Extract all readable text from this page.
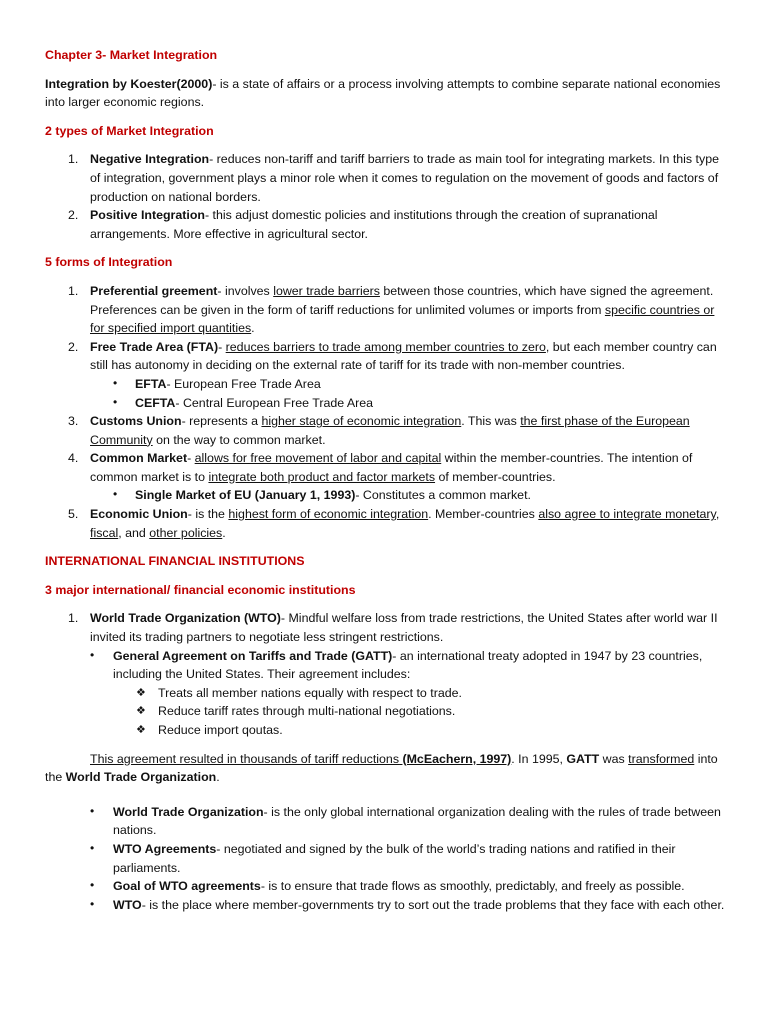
Chapter 3- Market Integration

Integration by Koester(2000)- is a state of affairs or a process involving attempts to combine separate national economies into larger economic regions.

2 types of Market Integration

1. Negative Integration- reduces non-tariff and tariff barriers to trade as main tool for integrating markets. In this type of integration, government plays a minor role when it comes to regulation on the movement of goods and factors of production on national borders.
2. Positive Integration- this adjust domestic policies and institutions through the creation of supranational arrangements. More effective in agricultural sector.

5 forms of Integration

1. Preferential greement- involves lower trade barriers between those countries, which have signed the agreement. Preferences can be given in the form of tariff reductions for unlimited volumes or imports from specific countries or for specified import quantities.
2. Free Trade Area (FTA)- reduces barriers to trade among member countries to zero, but each member country can still has autonomy in deciding on the external rate of tariff for its trade with non-member countries.
• EFTA- European Free Trade Area
• CEFTA- Central European Free Trade Area
3. Customs Union- represents a higher stage of economic integration. This was the first phase of the European Community on the way to common market.
4. Common Market- allows for free movement of labor and capital within the member-countries. The intention of common market is to integrate both product and factor markets of member-countries.
• Single Market of EU (January 1, 1993)- Constitutes a common market.
5. Economic Union- is the highest form of economic integration. Member-countries also agree to integrate monetary, fiscal, and other policies.

INTERNATIONAL FINANCIAL INSTITUTIONS

3 major international/ financial economic institutions

1. World Trade Organization (WTO)- Mindful welfare loss from trade restrictions, the United States after world war II invited its trading partners to negotiate less stringent restrictions.
• General Agreement on Tariffs and Trade (GATT)- an international treaty adopted in 1947 by 23 countries, including the United States. Their agreement includes:
❖ Treats all member nations equally with respect to trade.
❖ Reduce tariff rates through multi-national negotiations.
❖ Reduce import qoutas.

This agreement resulted in thousands of tariff reductions (McEachern, 1997). In 1995, GATT was transformed into the World Trade Organization.

• World Trade Organization- is the only global international organization dealing with the rules of trade between nations.
• WTO Agreements- negotiated and signed by the bulk of the world’s trading nations and ratified in their parliaments.
• Goal of WTO agreements- is to ensure that trade flows as smoothly, predictably, and freely as possible.
• WTO- is the place where member-governments try to sort out the trade problems that they face with each other.
